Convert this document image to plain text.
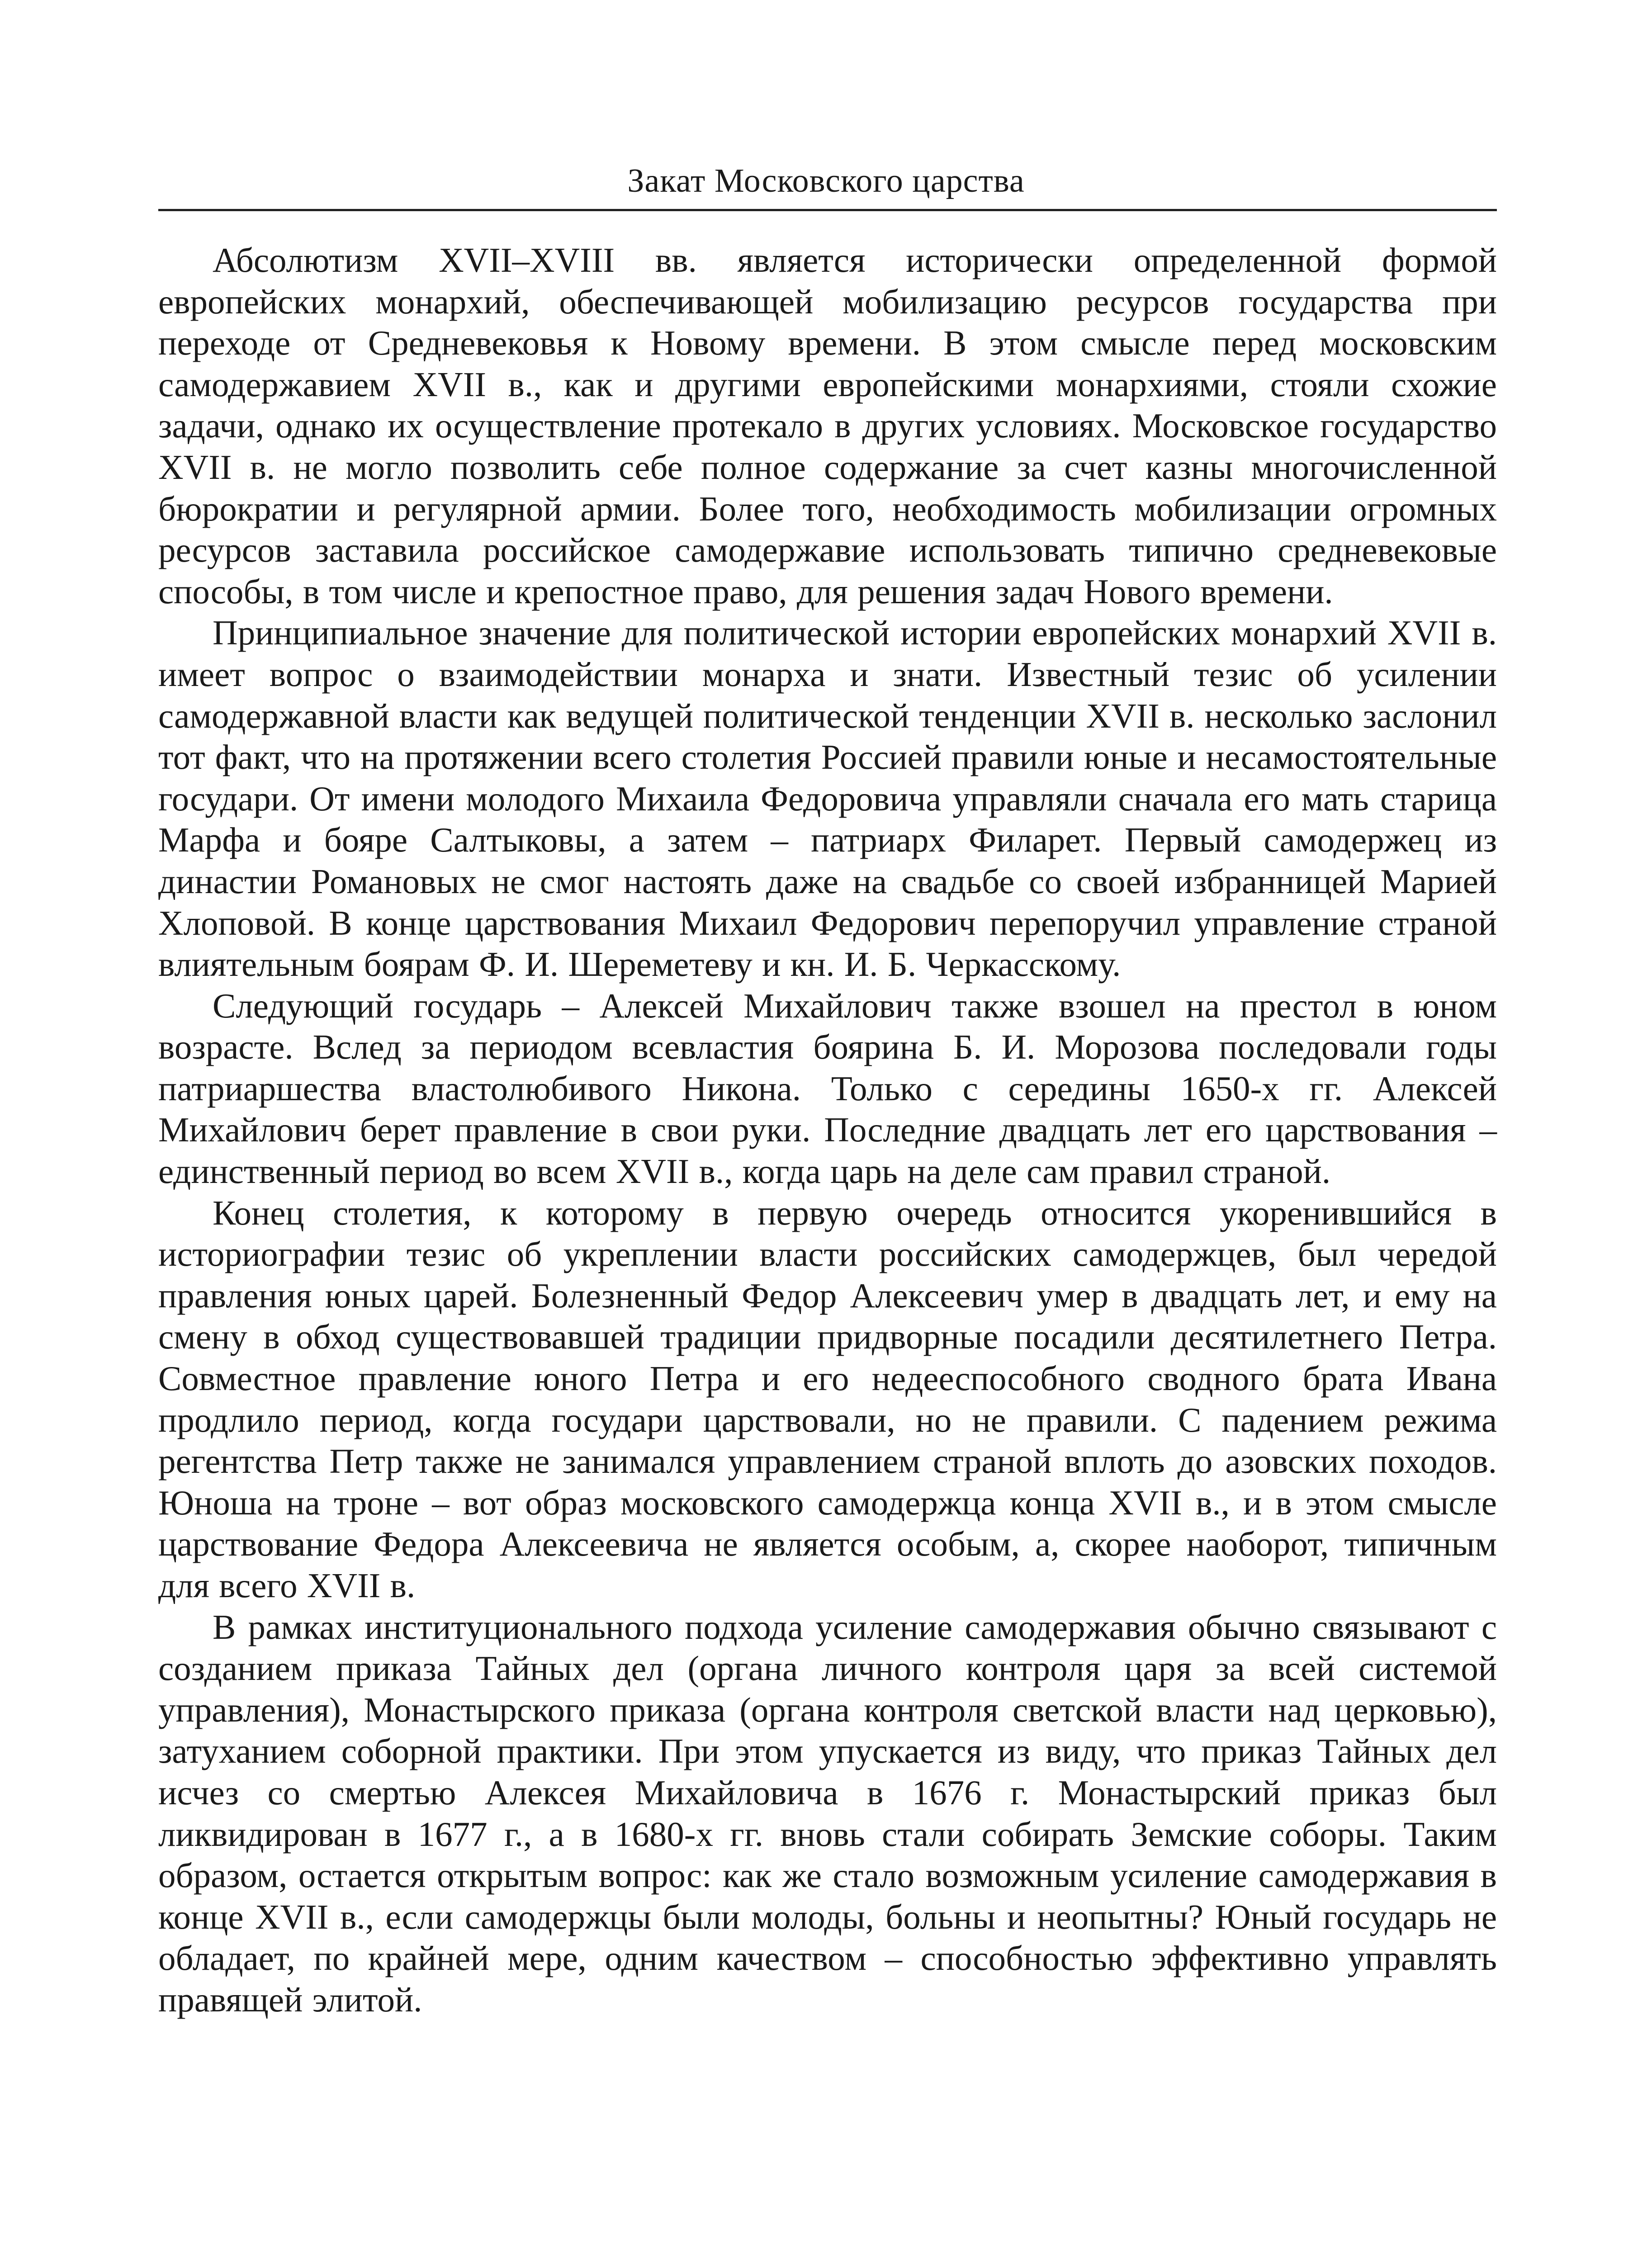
Закат Московского царства

Абсолютизм XVII–XVIII вв. является исторически определенной формой европейских монархий, обеспечивающей мобилизацию ресурсов государства при переходе от Средневековья к Новому времени. В этом смысле перед московским самодержавием XVII в., как и другими европейскими монархиями, стояли схожие задачи, однако их осуществление протекало в других условиях. Московское государство XVII в. не могло позволить себе полное содержание за счет казны многочисленной бюрократии и регулярной армии. Более того, необходимость мобилизации огромных ресурсов заставила российское самодержавие использовать типично средневековые способы, в том числе и крепостное право, для решения задач Нового времени.

Принципиальное значение для политической истории европейских монархий XVII в. имеет вопрос о взаимодействии монарха и знати. Известный тезис об усилении самодержавной власти как ведущей политической тенденции XVII в. несколько заслонил тот факт, что на протяжении всего столетия Россией правили юные и несамостоятельные государи. От имени молодого Михаила Федоровича управляли сначала его мать старица Марфа и бояре Салтыковы, а затем – патриарх Филарет. Первый самодержец из династии Романовых не смог настоять даже на свадьбе со своей избранницей Марией Хлоповой. В конце царствования Михаил Федорович перепоручил управление страной влиятельным боярам Ф. И. Шереметеву и кн. И. Б. Черкасскому.

Следующий государь – Алексей Михайлович также взошел на престол в юном возрасте. Вслед за периодом всевластия боярина Б. И. Морозова последовали годы патриаршества властолюбивого Никона. Только с середины 1650-х гг. Алексей Михайлович берет правление в свои руки. Последние двадцать лет его царствования – единственный период во всем XVII в., когда царь на деле сам правил страной.

Конец столетия, к которому в первую очередь относится укоренившийся в историографии тезис об укреплении власти российских самодержцев, был чередой правления юных царей. Болезненный Федор Алексеевич умер в двадцать лет, и ему на смену в обход существовавшей традиции придворные посадили десятилетнего Петра. Совместное правление юного Петра и его недееспособного сводного брата Ивана продлило период, когда государи царствовали, но не правили. С падением режима регентства Петр также не занимался управлением страной вплоть до азовских походов. Юноша на троне – вот образ московского самодержца конца XVII в., и в этом смысле царствование Федора Алексеевича не является особым, а, скорее наоборот, типичным для всего XVII в.

В рамках институционального подхода усиление самодержавия обычно связывают с созданием приказа Тайных дел (органа личного контроля царя за всей системой управления), Монастырского приказа (органа контроля светской власти над церковью), затуханием соборной практики. При этом упускается из виду, что приказ Тайных дел исчез со смертью Алексея Михайловича в 1676 г. Монастырский приказ был ликвидирован в 1677 г., а в 1680-х гг. вновь стали собирать Земские соборы. Таким образом, остается открытым вопрос: как же стало возможным усиление самодержавия в конце XVII в., если самодержцы были молоды, больны и неопытны? Юный государь не обладает, по крайней мере, одним качеством – способностью эффективно управлять правящей элитой.
